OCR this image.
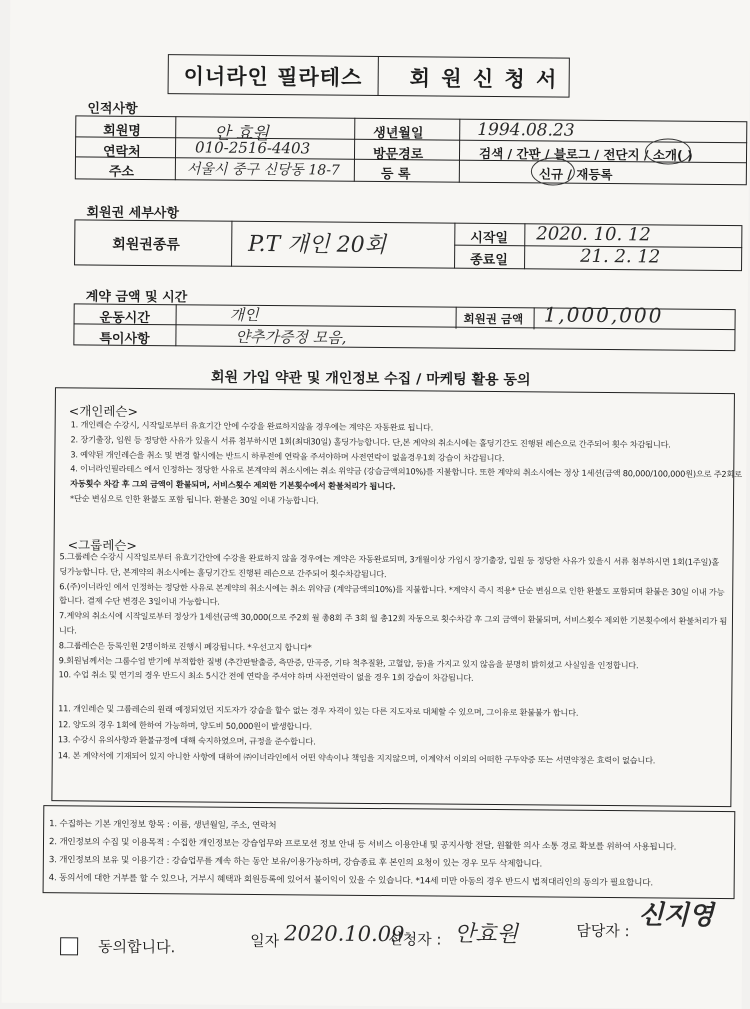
이너라인 필라테스 회 원 신 청 서
인적사항
회원명	안 효원	생년월일	1994.08.23
연락처	010-2516-4403	방문경로	검색 / 간판 / 블로그 / 전단지 / 소개( )
주소	서울시 중구 신당동 18-7	등 록	신규 / 재등록
회원권 세부사항
회원권종류	P.T 개인 20회	시작일 2020. 10. 12
종료일	21. 2. 12
계약 금액 및 시간
운동시간	개인	회원권 금액 1,000,000
특이사항	얀추가증정 모음,
회원 가입 약관 및 개인정보 수집 / 마케팅 활용 동의
<개인레슨>
1. 개인레슨 수강시, 시작일로부터 유효기간 안에 수강을 완료하지않을 경우에는 계약은 자동완료 됩니다.
2. 장기출장, 입원 등 정당한 사유가 있을시 서류 첨부하시면 1회(최대30일) 홀딩가능합니다. 단,본 계약의 취소시에는 홀딩기간도 진행된 레슨으로 간주되어 횟수 차감됩니다.
3. 예약된 개인레슨을 취소 및 변경 할시에는 반드시 하루전에 연락을 주셔야하며 사전연락이 없을경우1회 강습이 차감됩니다.
4. 이너라인필라테스 에서 인정하는 정당한 사유로 본계약의 취소시에는 취소 위약금 (강습금액의10%)를 지불합니다. 또한 계약의 취소시에는 정상 1세션(금액 80,000/100,000원)으로 주2회로
자동횟수 차감 후 그외 금액이 환불되며, 서비스횟수 제외한 기본횟수에서 환불처리가 됩니다.
*단순 변심으로 인한 환불도 포함 됩니다. 환불은 30일 이내 가능합니다.
<그룹레슨>
5.그룹레슨 수강시 시작일로부터 유효기간안에 수강을 완료하지 않을 경우에는 계약은 자동완료되며, 3개월이상 가입시 장기출장, 입원 등 정당한 사유가 있을시 서류 첨부하시면 1회(1주일)홀
딩가능합니다. 단, 본계약의 취소시에는 홀딩기간도 진행된 레슨으로 간주되어 횟수차감됩니다.
6.(주)이너라인 에서 인정하는 정당한 사유로 본계약의 취소시에는 취소 위약금 (계약금액의10%)를 지불합니다. *계약시 즉시 적용* 단순 변심으로 인한 환불도 포함되며 환불은 30일 이내 가능
합니다. 결제 수단 변경은 3일이내 가능합니다.
7.계약의 취소시에 시작일로부터 정상가 1세션(금액 30,000(으로 주2회 월 총8회 주 3회 월 총12회 자동으로 횟수차감 후 그외 금액이 환불되며, 서비스횟수 제외한 기본횟수에서 환불처리가 됨
니다.
8.그룹레슨은 등록인원 2명이하로 진행시 폐강됩니다. *우선고지 합니다*
9.회원님께서는 그룹수업 받기에 부적합한 질병 (추간판탈출증, 측만증, 만곡증, 기타 척추질환, 고혈압, 등)을 가지고 있지 않음을 분명히 밝히셨고 사실임을 인정합니다.
10. 수업 취소 및 연기의 경우 반드시 최소 5시간 전에 연락을 주셔야 하며 사전연락이 없을 경우 1회 강습이 차감됩니다.
11. 개인레슨 및 그룹레슨의 원래 예정되었던 지도자가 강습을 할수 없는 경우 자격이 있는 다른 지도자로 대체할 수 있으며, 그이유로 환불불가 합니다.
12. 양도의 경우 1회에 한하여 가능하며, 양도비 50,000원이 발생합니다.
13. 수강시 유의사항과 환불규정에 대해 숙지하였으며, 규정을 준수합니다.
14. 본 계약서에 기재되어 있지 아니한 사항에 대하여 ㈜이너라인에서 어떤 약속이나 책임을 지지않으며, 이계약서 이외의 어떠한 구두약증 또는 서면약정은 효력이 없습니다.
1. 수집하는 기본 개인정보 항목 : 이름, 생년월일, 주소, 연락처
2. 개인정보의 수집 및 이용목적 : 수집한 개인정보는 강습업무와 프로모션 정보 안내 등 서비스 이용안내 및 공지사항 전달, 원활한 의사 소통 경로 확보를 위하여 사용됩니다.
3. 개인정보의 보유 및 이용기간 : 강습업무를 계속 하는 동안 보유/이용가능하며, 강습종료 후 본인의 요청이 있는 경우 모두 삭제합니다.
4. 동의서에 대한 거부를 할 수 있으나, 거부시 혜택과 회원등록에 있어서 불이익이 있을 수 있습니다. *14세 미만 아동의 경우 반드시 법적대리인의 동의가 필요합니다.
동의합니다.	일자 2020.10.09
신청자 : 안효원	담당자 :
신지영
